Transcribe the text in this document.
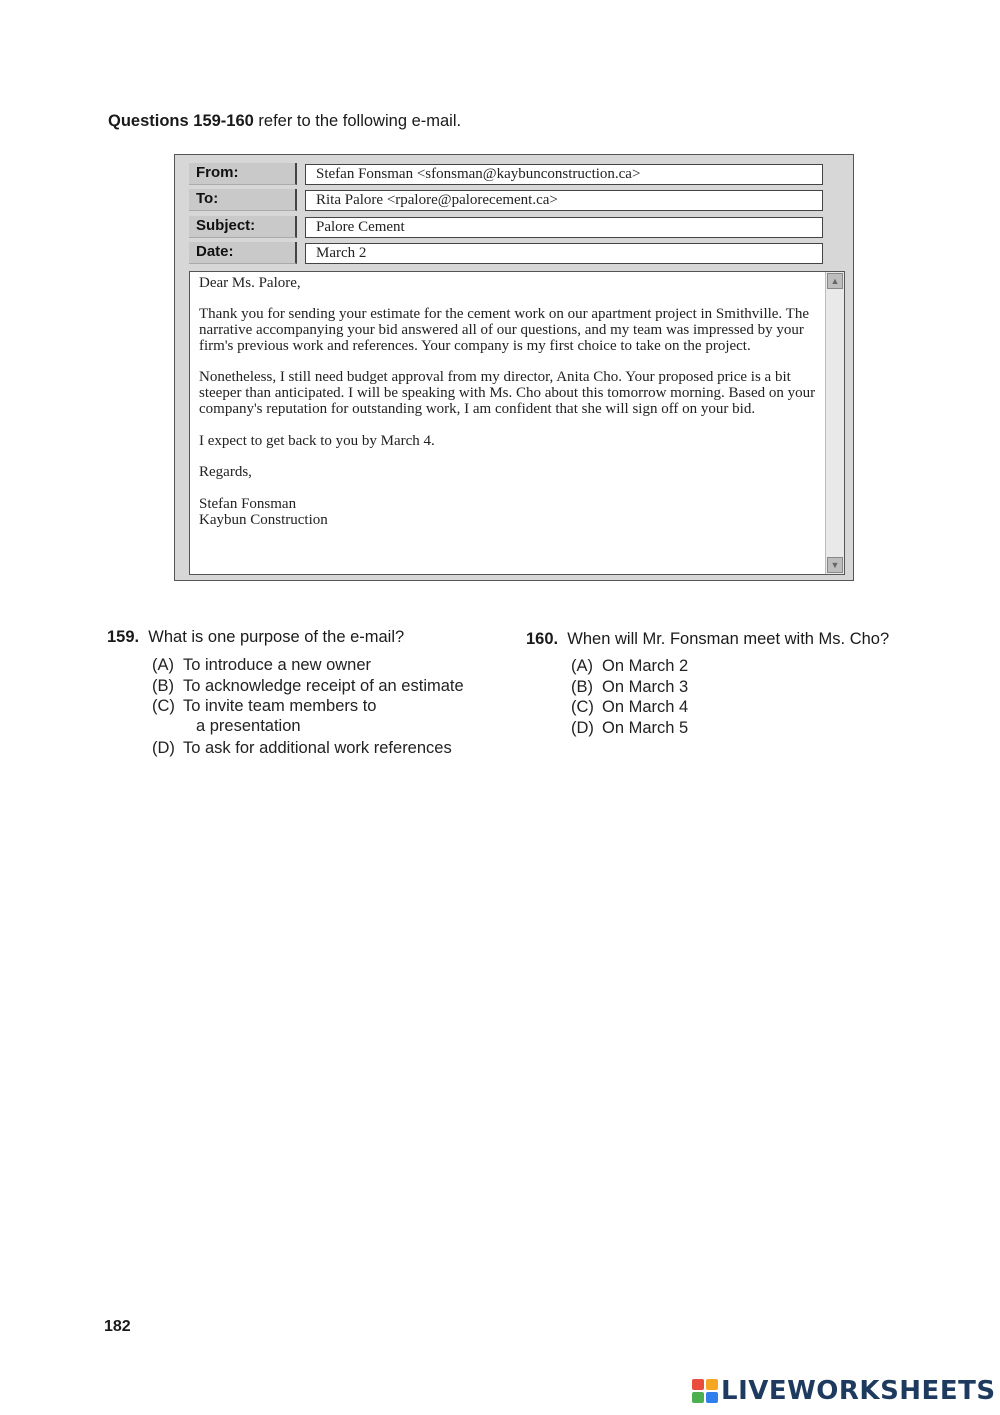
Questions 159-160 refer to the following e-mail.
From:	Stefan Fonsman <sfonsman@kaybunconstruction.ca>
To:	Rita Palore <rpalore@palorecement.ca>
Subject:	Palore Cement
Date:	March 2

Dear Ms. Palore,

Thank you for sending your estimate for the cement work on our apartment project in Smithville. The narrative accompanying your bid answered all of our questions, and my team was impressed by your firm's previous work and references. Your company is my first choice to take on the project.

Nonetheless, I still need budget approval from my director, Anita Cho. Your proposed price is a bit steeper than anticipated. I will be speaking with Ms. Cho about this tomorrow morning. Based on your company's reputation for outstanding work, I am confident that she will sign off on your bid.

I expect to get back to you by March 4.

Regards,

Stefan Fonsman

Kaybun Construction

▲
▼
159. What is one purpose of the e-mail?
(A) To introduce a new owner
(B) To acknowledge receipt of an estimate
(C) To invite team members to
a presentation
(D) To ask for additional work references
160. When will Mr. Fonsman meet with Ms. Cho?
(A) On March 2
(B) On March 3
(C) On March 4
(D) On March 5
182
LIVEWORKSHEETS
